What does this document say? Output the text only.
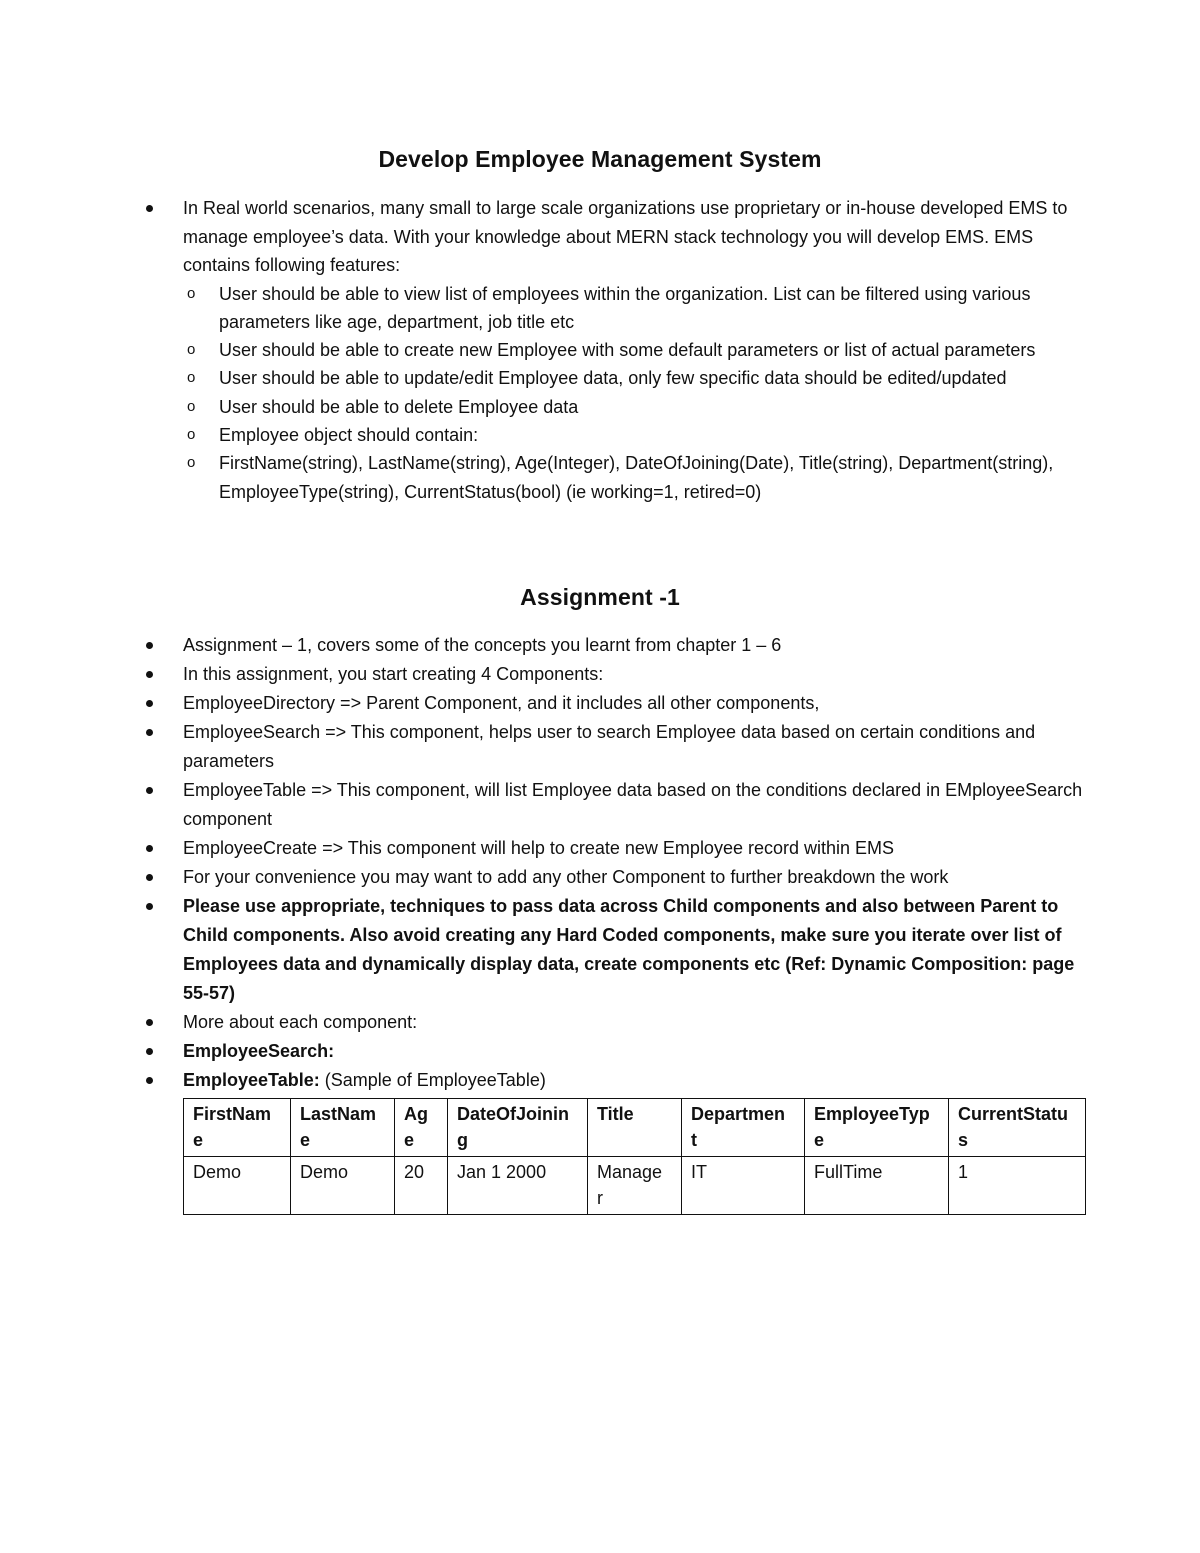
Develop Employee Management System
In Real world scenarios, many small to large scale organizations use proprietary or in-house developed EMS to manage employee’s data. With your knowledge about MERN stack technology you will develop EMS. EMS contains following features:
o User should be able to view list of employees within the organization. List can be filtered using various parameters like age, department, job title etc
o User should be able to create new Employee with some default parameters or list of actual parameters
o User should be able to update/edit Employee data, only few specific data should be edited/updated
o User should be able to delete Employee data
o Employee object should contain:
o FirstName(string), LastName(string), Age(Integer), DateOfJoining(Date), Title(string), Department(string), EmployeeType(string), CurrentStatus(bool) (ie working=1, retired=0)
Assignment -1
Assignment – 1, covers some of the concepts you learnt from chapter 1 – 6
In this assignment, you start creating 4 Components:
EmployeeDirectory => Parent Component, and it includes all other components,
EmployeeSearch => This component, helps user to search Employee data based on certain conditions and parameters
EmployeeTable => This component, will list Employee data based on the conditions declared in EMployeeSearch component
EmployeeCreate => This component will help to create new Employee record within EMS
For your convenience you may want to add any other Component to further breakdown the work
Please use appropriate, techniques to pass data across Child components and also between Parent to Child components. Also avoid creating any Hard Coded components, make sure you iterate over list of Employees data and dynamically display data, create components etc (Ref: Dynamic Composition: page 55-57)
More about each component:
EmployeeSearch:
EmployeeTable: (Sample of EmployeeTable)
FirstNam e	LastNam e	Ag e	DateOfJoinin g	Title	Departmen t	EmployeeTyp e	CurrentStatu s
Demo	Demo	20	Jan 1 2000	Manage r	IT	FullTime	1
